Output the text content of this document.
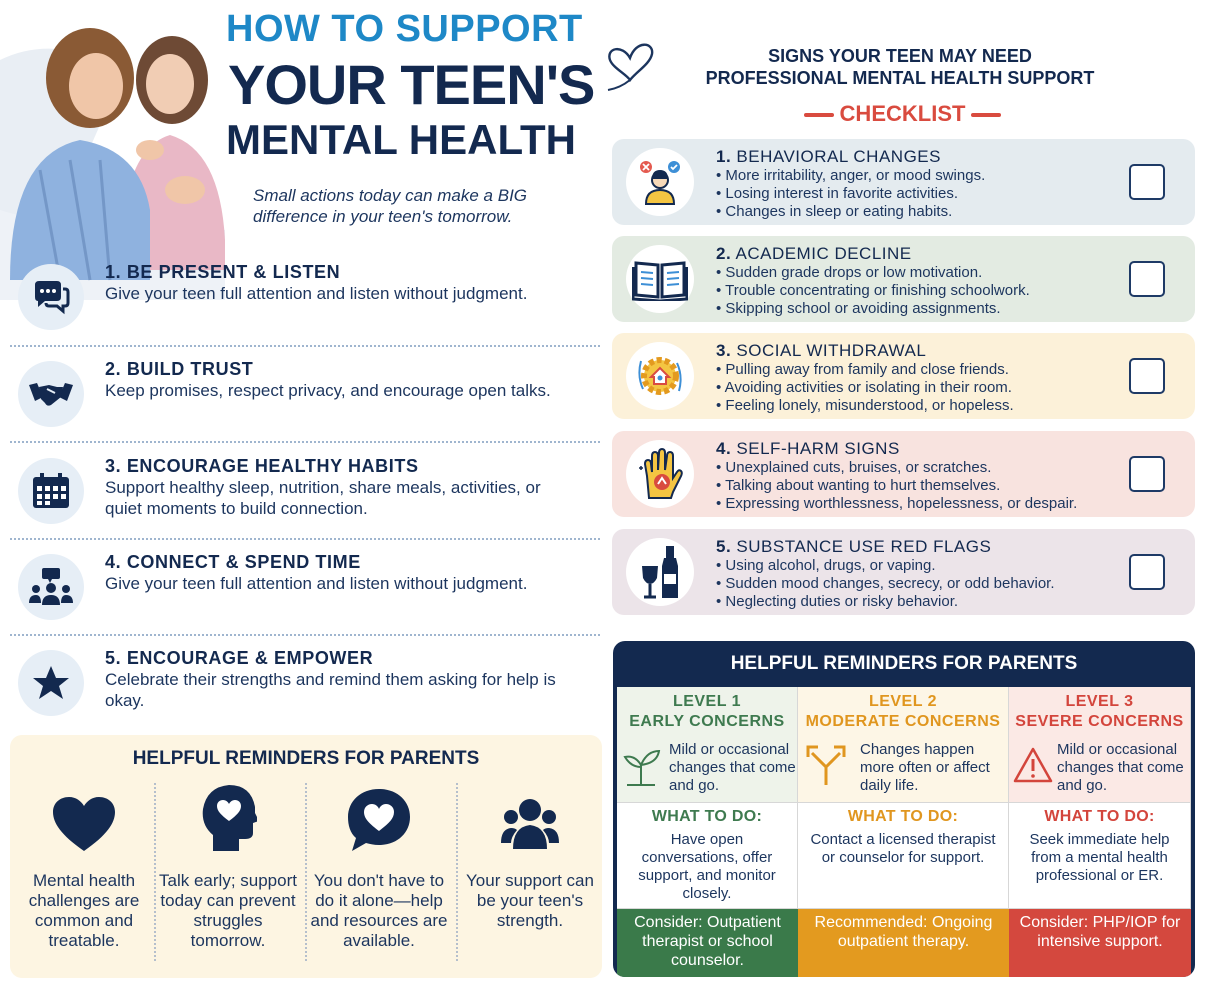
HOW TO SUPPORT
YOUR TEEN'S
MENTAL HEALTH
Small actions today can make a BIG difference in your teen's tomorrow.
1. BE PRESENT & LISTEN
Give your teen full attention and listen without judgment.
2. BUILD TRUST
Keep promises, respect privacy, and encourage open talks.
3. ENCOURAGE HEALTHY HABITS
Support healthy sleep, nutrition, share meals, activities, or quiet moments to build connection.
4. CONNECT & SPEND TIME
Give your teen full attention and listen without judgment.
5. ENCOURAGE & EMPOWER
Celebrate their strengths and remind them asking for help is okay.
HELPFUL REMINDERS FOR PARENTS
Mental health challenges are common and treatable.
Talk early; support today can prevent struggles tomorrow.
You don't have to do it alone—help and resources are available.
Your support can be your teen's strength.
SIGNS YOUR TEEN MAY NEED
PROFESSIONAL MENTAL HEALTH SUPPORT
CHECKLIST
1. BEHAVIORAL CHANGES
• More irritability, anger, or mood swings.
• Losing interest in favorite activities.
• Changes in sleep or eating habits.
2. ACADEMIC DECLINE
• Sudden grade drops or low motivation.
• Trouble concentrating or finishing schoolwork.
• Skipping school or avoiding assignments.
3. SOCIAL WITHDRAWAL
• Pulling away from family and close friends.
• Avoiding activities or isolating in their room.
• Feeling lonely, misunderstood, or hopeless.
4. SELF-HARM SIGNS
• Unexplained cuts, bruises, or scratches.
• Talking about wanting to hurt themselves.
• Expressing worthlessness, hopelessness, or despair.
5. SUBSTANCE USE RED FLAGS
• Using alcohol, drugs, or vaping.
• Sudden mood changes, secrecy, or odd behavior.
• Neglecting duties or risky behavior.
HELPFUL REMINDERS FOR PARENTS
LEVEL 1
EARLY CONCERNS
Mild or occasional changes that come and go.
LEVEL 2
MODERATE CONCERNS
Changes happen more often or affect daily life.
LEVEL 3
SEVERE CONCERNS
Mild or occasional changes that come and go.
WHAT TO DO:
Have open conversations, offer support, and monitor closely.
WHAT TO DO:
Contact a licensed therapist or counselor for support.
WHAT TO DO:
Seek immediate help from a mental health professional or ER.
Consider: Outpatient therapist or school counselor.
Recommended: Ongoing outpatient therapy.
Consider: PHP/IOP for intensive support.
